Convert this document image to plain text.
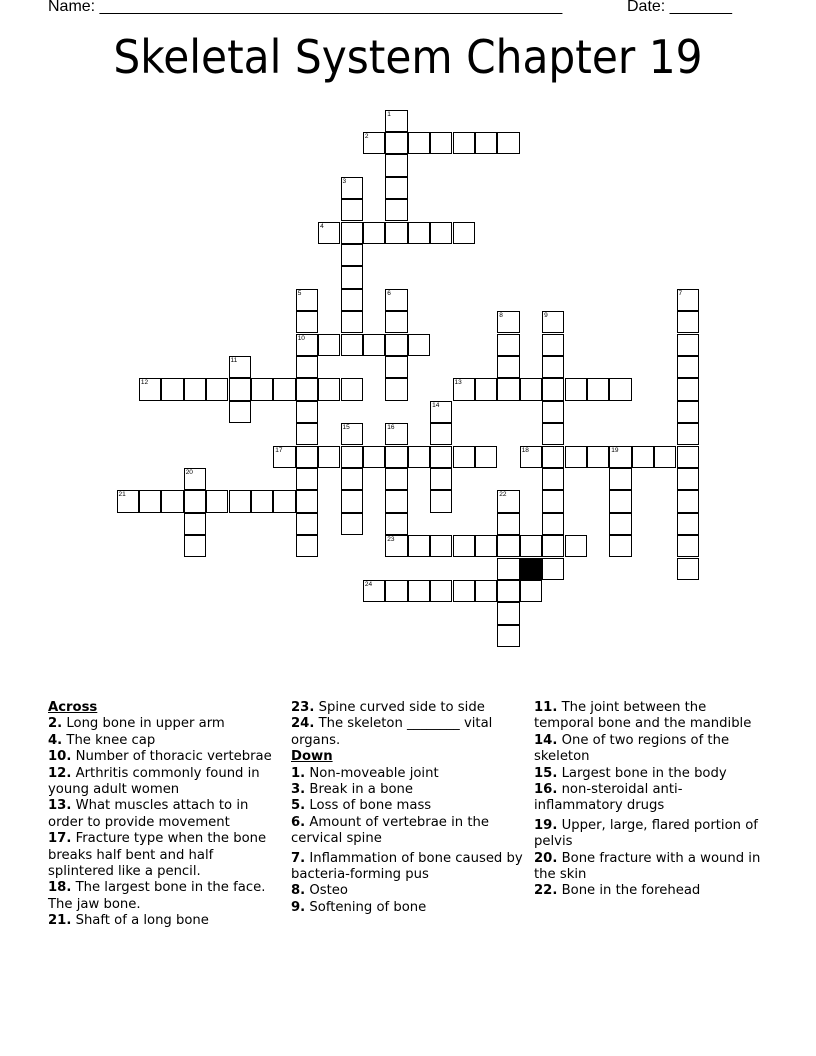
Name: ____________________________________________________	Date: _______
Skeletal System Chapter 19
1
2
3
4
5
10
6	7
8	9
11
12	13
14
15	16
23
17	18	19
20
21	22
24
Across
2. Long bone in upper arm
4. The knee cap
10. Number of thoracic vertebrae
12. Arthritis commonly found in young adult women
13. What muscles attach to in order to provide movement
17. Fracture type when the bone breaks half bent and half splintered like a pencil.
18. The largest bone in the face. The jaw bone.
21. Shaft of a long bone
23. Spine curved side to side
24. The skeleton ________ vital organs.
Down
1. Non-moveable joint
3. Break in a bone
5. Loss of bone mass
6. Amount of vertebrae in the cervical spine
7. Inflammation of bone caused by bacteria-forming pus
8. Osteo
9. Softening of bone
11. The joint between the temporal bone and the mandible
14. One of two regions of the skeleton
15. Largest bone in the body
16. non-steroidal anti-inflammatory drugs
19. Upper, large, flared portion of pelvis
20. Bone fracture with a wound in the skin
22. Bone in the forehead
